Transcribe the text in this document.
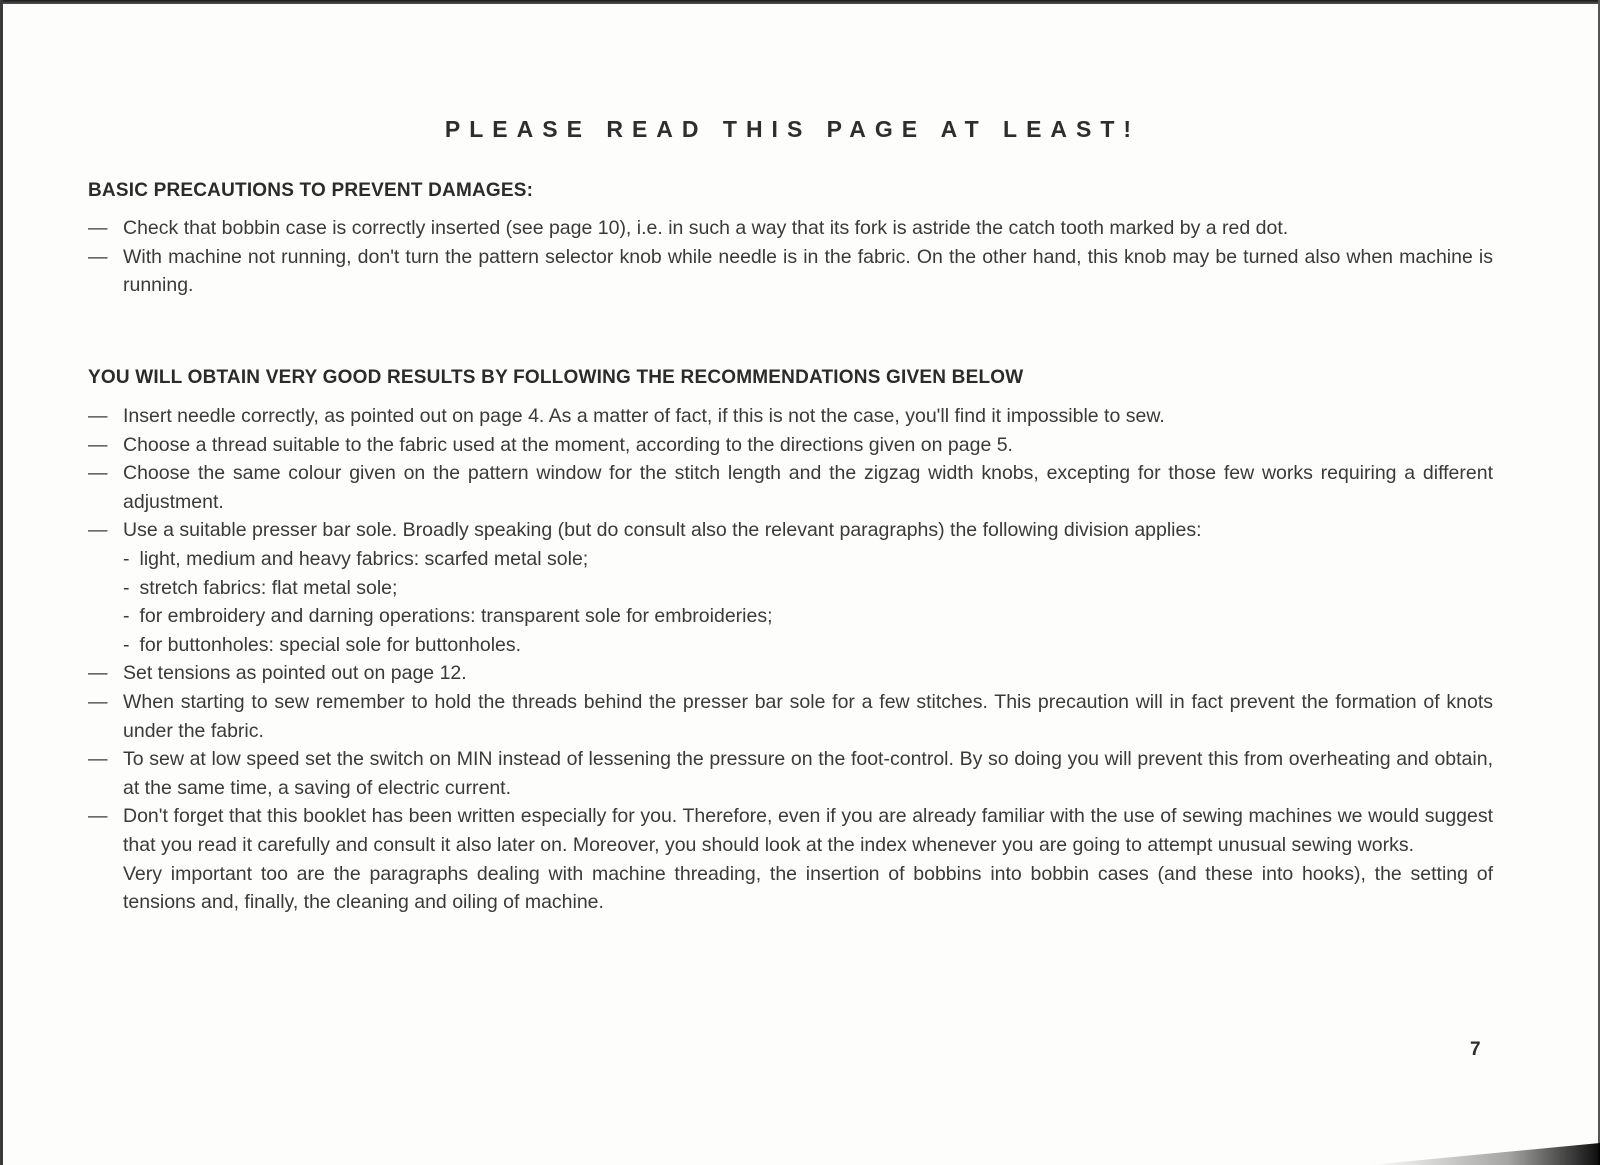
PLEASE READ THIS PAGE AT LEAST!
BASIC PRECAUTIONS TO PREVENT DAMAGES:
— Check that bobbin case is correctly inserted (see page 10), i.e. in such a way that its fork is astride the catch tooth marked by a red dot.
— With machine not running, don't turn the pattern selector knob while needle is in the fabric. On the other hand, this knob may be turned also when machine is running.
YOU WILL OBTAIN VERY GOOD RESULTS BY FOLLOWING THE RECOMMENDATIONS GIVEN BELOW
— Insert needle correctly, as pointed out on page 4. As a matter of fact, if this is not the case, you'll find it impossible to sew.
— Choose a thread suitable to the fabric used at the moment, according to the directions given on page 5.
— Choose the same colour given on the pattern window for the stitch length and the zigzag width knobs, excepting for those few works requiring a different adjustment.
— Use a suitable presser bar sole. Broadly speaking (but do consult also the relevant paragraphs) the following division applies:
- light, medium and heavy fabrics: scarfed metal sole;
- stretch fabrics: flat metal sole;
- for embroidery and darning operations: transparent sole for embroideries;
- for buttonholes: special sole for buttonholes.
— Set tensions as pointed out on page 12.
— When starting to sew remember to hold the threads behind the presser bar sole for a few stitches. This precaution will in fact prevent the formation of knots under the fabric.
— To sew at low speed set the switch on MIN instead of lessening the pressure on the foot-control. By so doing you will prevent this from overheating and obtain, at the same time, a saving of electric current.
— Don't forget that this booklet has been written especially for you. Therefore, even if you are already familiar with the use of sewing machines we would suggest that you read it carefully and consult it also later on. Moreover, you should look at the index whenever you are going to attempt unusual sewing works.
Very important too are the paragraphs dealing with machine threading, the insertion of bobbins into bobbin cases (and these into hooks), the setting of tensions and, finally, the cleaning and oiling of machine.
7
